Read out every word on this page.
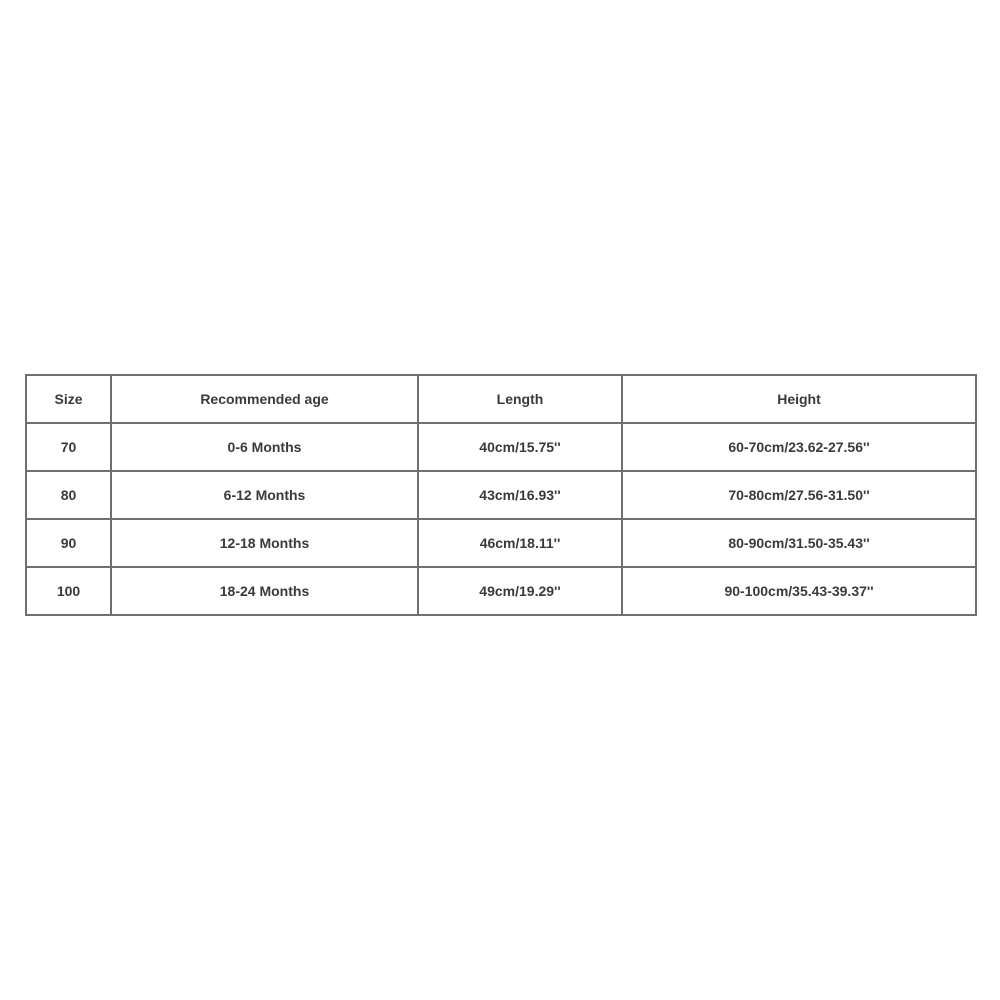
Size	Recommended age	Length	Height
70	0-6 Months	40cm/15.75''	60-70cm/23.62-27.56''
80	6-12 Months	43cm/16.93''	70-80cm/27.56-31.50''
90	12-18 Months	46cm/18.11''	80-90cm/31.50-35.43''
100	18-24 Months	49cm/19.29''	90-100cm/35.43-39.37''
